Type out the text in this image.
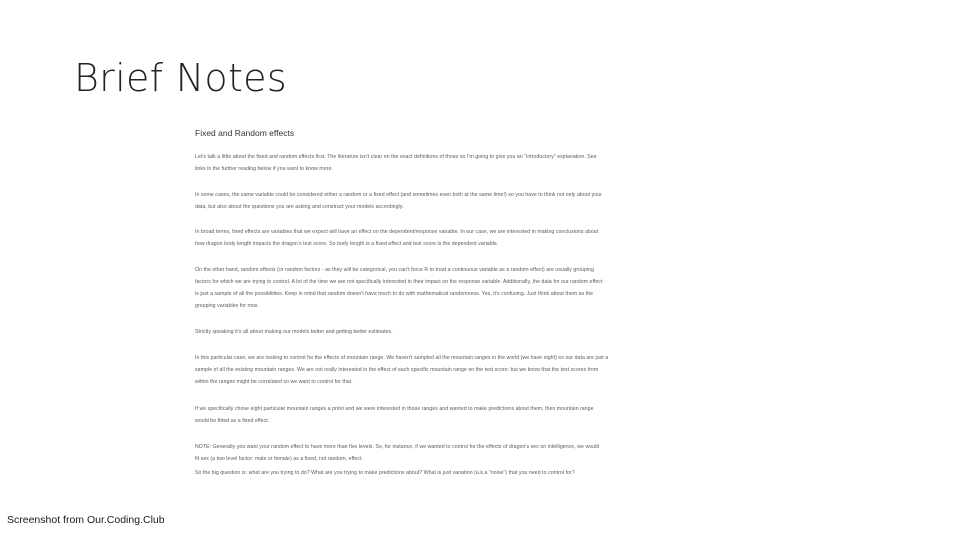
Brief Notes
Fixed and Random effects
Let's talk a little about the fixed and random effects first. The literature isn't clear on the exact definitions of those so I'm going to give you an "introductory" explanation. See
links in the further reading below if you want to know more.
In some cases, the same variable could be considered either a random or a fixed effect (and sometimes even both at the same time!) so you have to think not only about your
data, but also about the questions you are asking and construct your models accordingly.
In broad terms, fixed effects are variables that we expect will have an effect on the dependent/response variable. In our case, we are interested in making conclusions about
how dragon body length impacts the dragon's test score. So body length is a fixed effect and test score is the dependent variable.
On the other hand, random effects (or random factors - as they will be categorical, you can't force R to treat a continuous variable as a random effect) are usually grouping
factors for which we are trying to control. A lot of the time we are not specifically interested in their impact on the response variable. Additionally, the data for our random effect
is just a sample of all the possibilities. Keep in mind that random doesn't have much to do with mathematical randomness. Yes, it's confusing. Just think about them as the
grouping variables for now.
Strictly speaking it's all about making our models better and getting better estimates.
In this particular case, we are looking to control for the effects of mountain range. We haven't sampled all the mountain ranges in the world (we have eight) so our data are just a
sample of all the existing mountain ranges. We are not really interested in the effect of each specific mountain range on the test score: but we know that the test scores from
within the ranges might be correlated so we want to control for that.
If we specifically chose eight particular mountain ranges a priori and we were interested in those ranges and wanted to make predictions about them, then mountain range
would be fitted as a fixed effect.
NOTE: Generally you want your random effect to have more than five levels. So, for instance, if we wanted to control for the effects of dragon's sex on intelligence, we would
fit sex (a two level factor: male or female) as a fixed, not random, effect.
So the big question is: what are you trying to do? What are you trying to make predictions about? What is just variation (a.k.a "noise") that you need to control for?
Screenshot from Our.Coding.Club
